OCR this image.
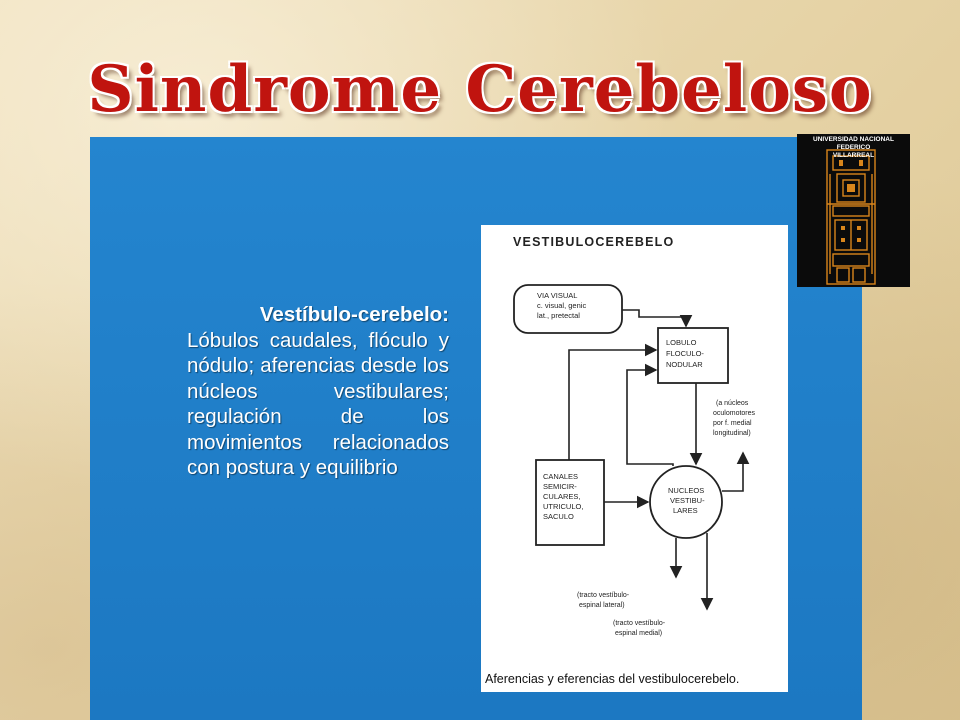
Sindrome Cerebeloso
Vestíbulo-cerebelo:
Lóbulos caudales, flóculo y nódulo; aferencias desde los núcleos vestibulares; regulación de los movimientos relacionados con postura y equilibrio
VESTIBULOCEREBELO
VIA VISUAL c. visual, genic lat., pretectal
LOBULO FLOCULO- NODULAR
CANALES SEMICIR- CULARES, UTRICULO, SACULO
NUCLEOS VESTIBU- LARES
(a núcleos oculomotores por f. medial longitudinal)
(tracto vestíbulo- espinal lateral)
(tracto vestíbulo- espinal medial)
Aferencias y eferencias del vestibulocerebelo.
UNIVERSIDAD NACIONAL FEDERICO
VILLARREAL
